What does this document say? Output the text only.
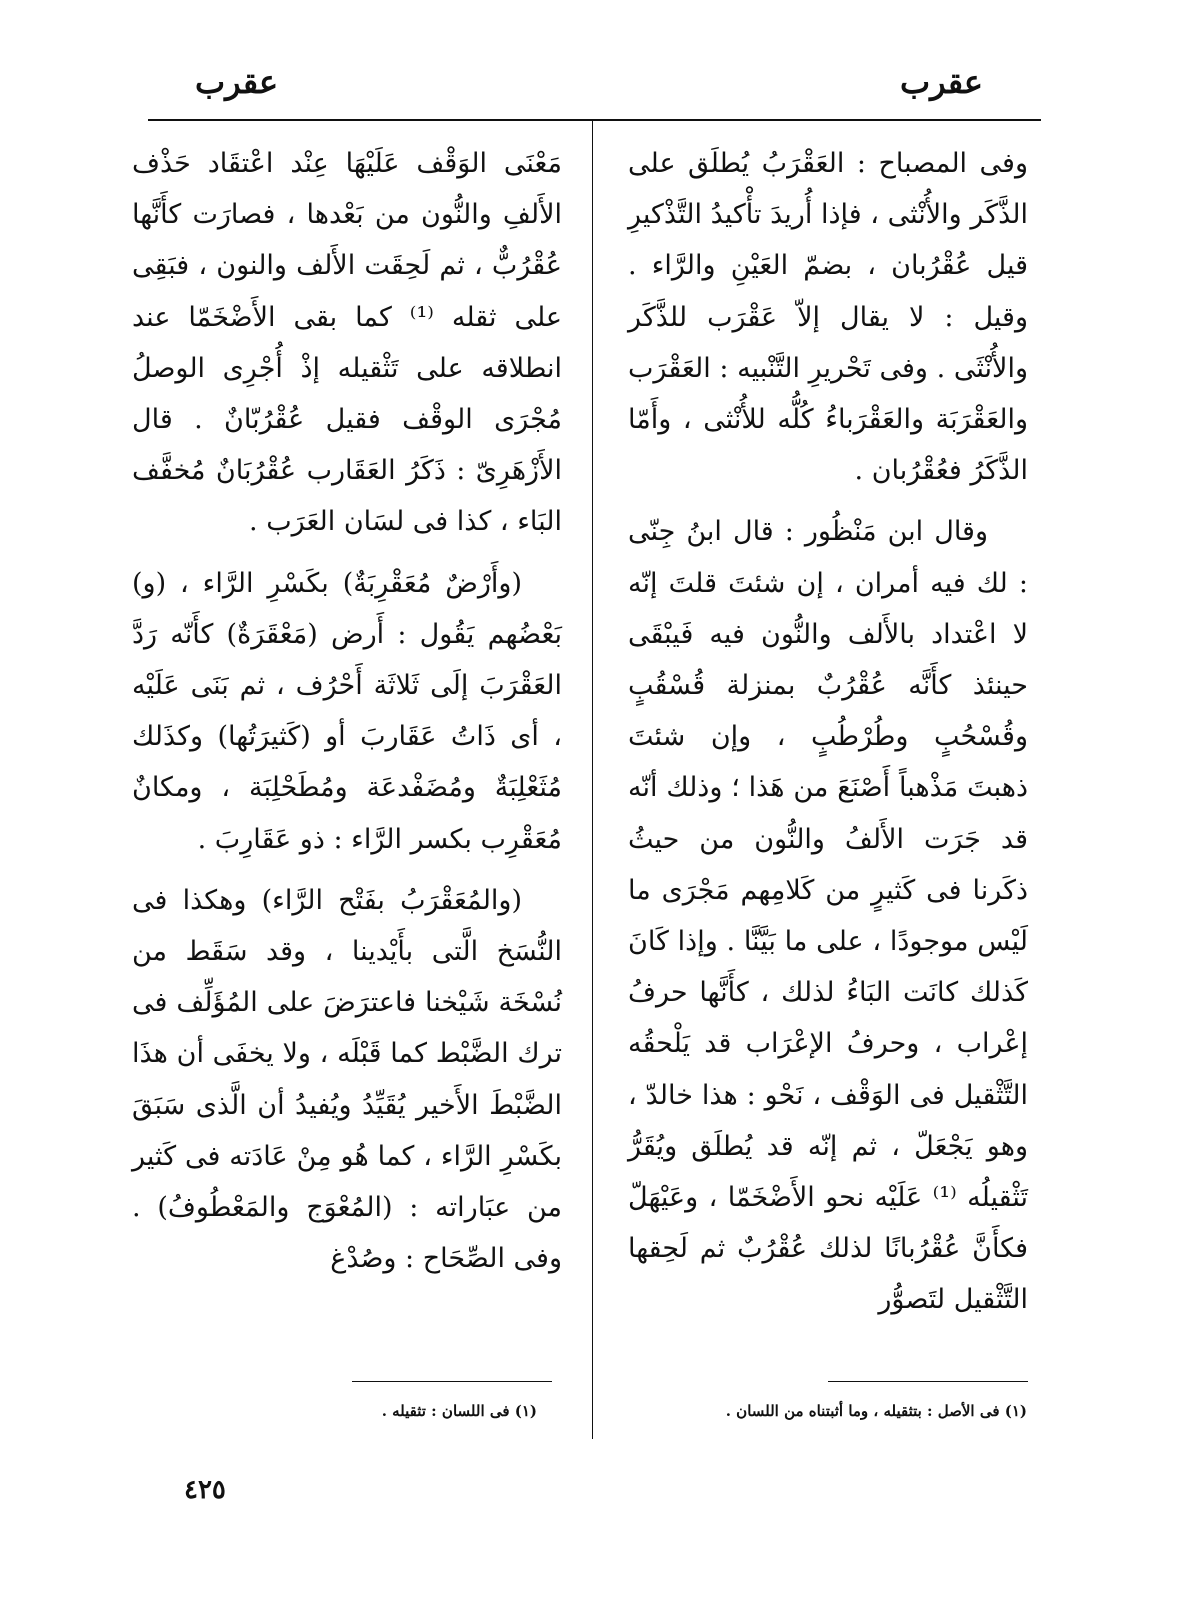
عقرب
عقرب

وفى المصباح : العَقْرَبُ يُطلَق على الذَّكَر والأُنْثى ، فإذا أُريدَ تأْكيدُ التَّذْكيرِ قيل عُقْرُبان ، بضمّ العَيْنِ والرَّاء . وقيل : لا يقال إلاّ عَقْرَب للذَّكَر والأُنْثَى . وفى تَحْريرِ التَّنْبيه : العَقْرَب والعَقْرَبَة والعَقْرَباءُ كُلُّه للأُنْثى ، وأَمّا الذَّكَرُ فعُقْرُبان .

وقال ابن مَنْظُور : قال ابنُ جِنّى : لك فيه أمران ، إن شئتَ قلتَ إنّه لا اعْتداد بالأَلف والنُّون فيه فَيبْقَى حينئذ كأَنَّه عُقْرُبٌ بمنزلة قُسْقُبٍ وقُسْحُبٍ وطُرْطُبٍ ، وإن شئتَ ذهبتَ مَذْهباً أَصْنَعَ من هَذا ؛ وذلك أنّه قد جَرَت الأَلفُ والنُّون من حيثُ ذكَرنا فى كَثيرٍ من كَلامِهم مَجْرَى ما لَيْس موجودًا ، على ما بَيَّنَّا . وإذا كَانَ كَذلك كانَت البَاءُ لذلك ، كأَنَّها حرفُ إعْراب ، وحرفُ الإعْرَاب قد يَلْحقُه التَّثْقيل فى الوَقْف ، نَحْو : هذا خالدّ ، وهو يَجْعَلّ ، ثم إنّه قد يُطلَق ويُقَرُّ تَثْقيلُه ⁽¹⁾ عَلَيْه نحو الأَضْخَمّا ، وعَيْهَلّ فكأَنَّ عُقْرُبانًا لذلك عُقْرُبٌ ثم لَحِقها التَّثْقيل لتَصوُّر

مَعْنَى الوَقْف عَلَيْهَا عِنْد اعْتقَاد حَذْف الأَلفِ والنُّون من بَعْدها ، فصارَت كأَنَّها عُقْرُبٌّ ، ثم لَحِقَت الأَلف والنون ، فبَقِى على ثقله ⁽¹⁾ كما بقى الأَضْخَمّا عند انطلاقه على تَثْقيله إذْ أُجْرِى الوصلُ مُجْرَى الوقْف فقيل عُقْرُبّانٌ . قال الأَزْهَرِىّ : ذَكَرُ العَقَارب عُقْرُبَانٌ مُخفَّف البَاء ، كذا فى لسَان العَرَب .

(وأَرْضٌ مُعَقْرِبَةٌ) بكَسْرِ الرَّاء ، (و) بَعْضُهم يَقُول : أَرض (مَعْقَرَةٌ) كأَنّه رَدَّ العَقْرَبَ إلَى ثَلاثَة أَحْرُف ، ثم بَنَى عَلَيْه ، أى ذَاتُ عَقَاربَ أو (كَثيرَتُها) وكذَلك مُثَعْلِبَةٌ ومُضَفْدعَة ومُطَحْلِبَة ، ومكانٌ مُعَقْرِب بكسر الرَّاء : ذو عَقَارِبَ .

(والمُعَقْرَبُ بفَتْح الرَّاء) وهكذا فى النُّسَخ الَّتى بأَيْدينا ، وقد سَقَط من نُسْخَة شَيْخنا فاعترَضَ على المُؤَلِّف فى ترك الضَّبْط كما قَبْلَه ، ولا يخفَى أن هذَا الضَّبْطَ الأَخير يُقَيِّدُ ويُفيدُ أن الَّذى سَبَقَ بكَسْرِ الرَّاء ، كما هُو مِنْ عَادَته فى كَثير من عبَاراته : (المُعْوَج والمَعْطُوفُ) . وفى الصِّحَاح : وصُدْغ

(١) فى الأصل : بتثقيله ، وما أثبتناه من اللسان .
(١) فى اللسان : تثقيله .
٤٢٥
